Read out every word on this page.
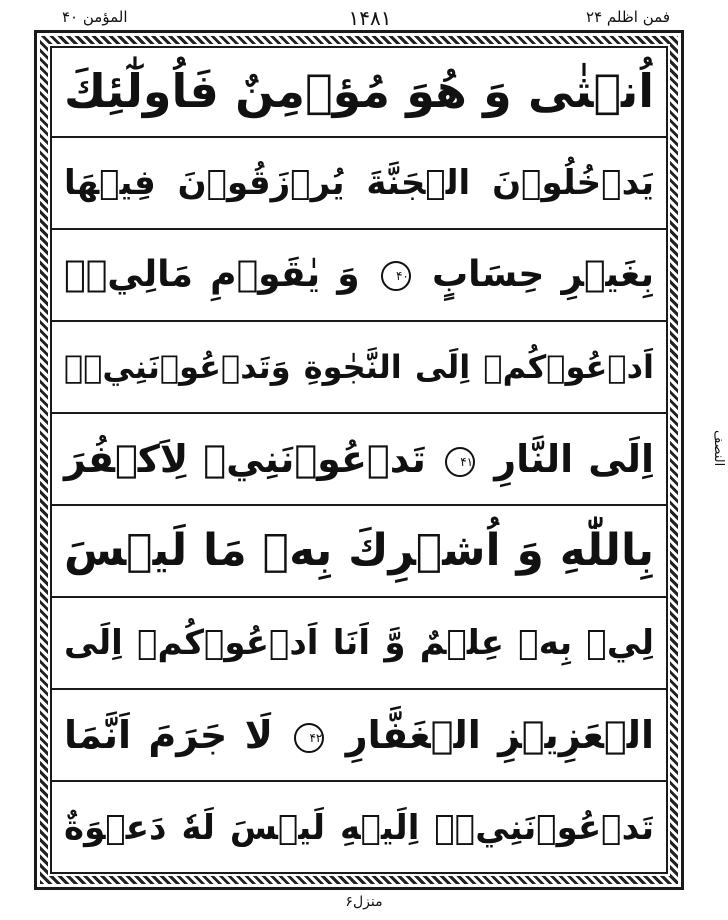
المؤمن ۴۰	۱۴۸۱	فمن اظلم ۲۴
اُنۡثٰى وَ هُوَ مُؤۡمِنٌ فَاُولٰٓئِكَ
يَدۡخُلُوۡنَ الۡجَنَّةَ يُرۡزَقُوۡنَ فِيۡهَا
بِغَيۡرِ حِسَابٍ ۴۰ وَ يٰقَوۡمِ مَالِيۡۤ
اَدۡعُوۡكُمۡ اِلَى النَّجٰوةِ وَتَدۡعُوۡنَنِيۡۤ
اِلَى النَّارِ ۴۱ تَدۡعُوۡنَنِيۡ لِاَكۡفُرَ
بِاللّٰهِ وَ اُشۡرِكَ بِهٖ مَا لَيۡسَ
لِيۡ بِهٖ عِلۡمٌ وَّ اَنَا اَدۡعُوۡكُمۡ اِلَى
الۡعَزِيۡزِ الۡغَفَّارِ ۴۲ لَا جَرَمَ اَنَّمَا
تَدۡعُوۡنَنِيۡۤ اِلَيۡهِ لَيۡسَ لَهٗ دَعۡوَةٌ
النصف
منزل۶
